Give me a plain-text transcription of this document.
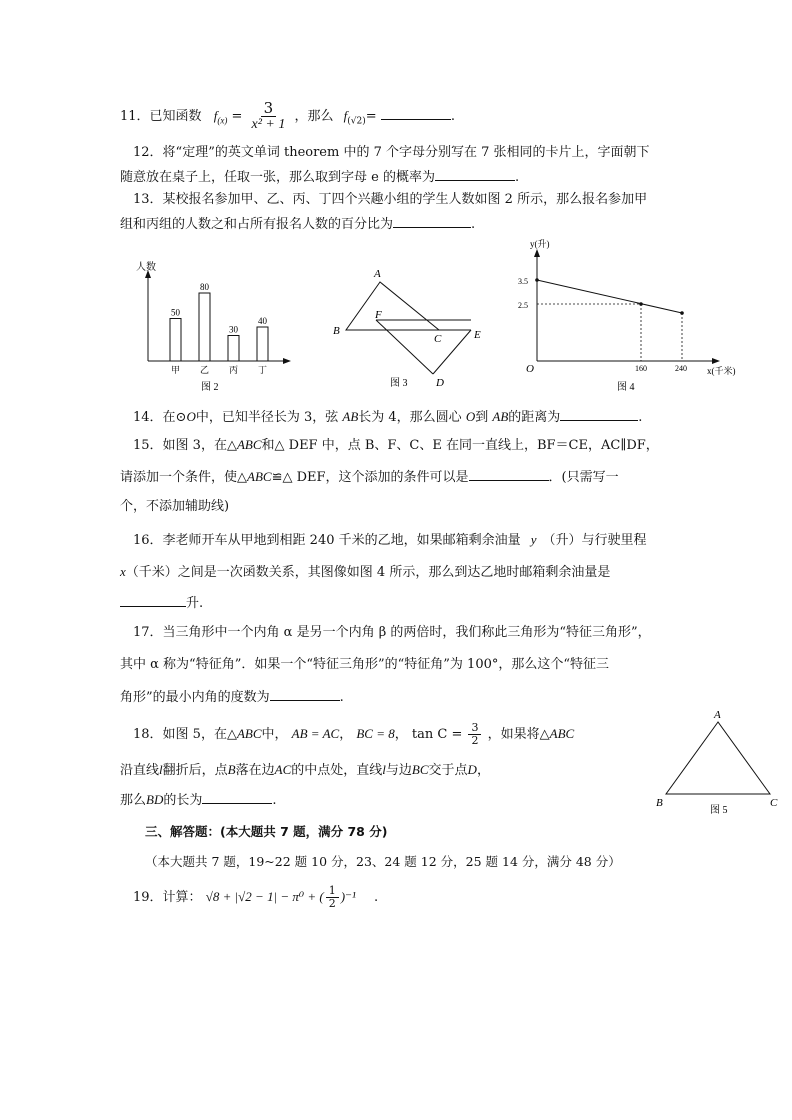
11．已知函数 $f_{(x)} = \frac{3}{\text{x² + 1}}$ ，那么 $f_{(√2)}=$	.
12．将“定理”的英文单词 theorem 中的 7 个字母分别写在 7 张相同的卡片上，字面朝下
随意放在桌子上，任取一张，那么取到字母 e 的概率为	.
13．某校报名参加甲、乙、丙、丁四个兴趣小组的学生人数如图 2 所示，那么报名参加甲
组和丙组的人数之和占所有报名人数的百分比为	.
人数
50
甲
80
乙
30
丙
40
丁
图 2
A
B
F
C	E
D
图 3
y(升)
x(千米)
O
3.5
2.5
160	240
图 4
14．在⊙O中，已知半径长为 3，弦 AB长为 4，那么圆心 O到 AB的距离为	.
15．如图 3，在△ABC和△ DEF 中，点 B、F、C、E 在同一直线上，BF＝CE，AC∥DF，
请添加一个条件，使△ABC≌△ DEF，这个添加的条件可以是	．(只需写一
个，不添加辅助线)
16．李老师开车从甲地到相距 240 千米的乙地，如果邮箱剩余油量 y （升）与行驶里程
x（千米）之间是一次函数关系，其图像如图 4 所示，那么到达乙地时邮箱剩余油量是
升.
17．当三角形中一个内角 α 是另一个内角 β 的两倍时，我们称此三角形为“特征三角形”，
其中 α 称为“特征角”．如果一个“特征三角形”的“特征角”为 100°，那么这个“特征三
角形”的最小内角的度数为	.
18．如图 5，在△ABC中， AB = AC， BC = 8， $\tan C = \frac{3}{2}$ ，如果将△ABC
沿直线l翻折后，点B落在边AC的中点处，直线l与边BC交于点D，
那么BD的长为	.
A
B	C
图 5
三、解答题：(本大题共 7 题，满分 78 分)
（本大题共 7 题，19~22 题 10 分，23、24 题 12 分，25 题 14 分，满分 48 分）
19．计算： √8 + |√2 − 1| − π⁰ + ( $\frac{1}{2} )^{-1}$ .
